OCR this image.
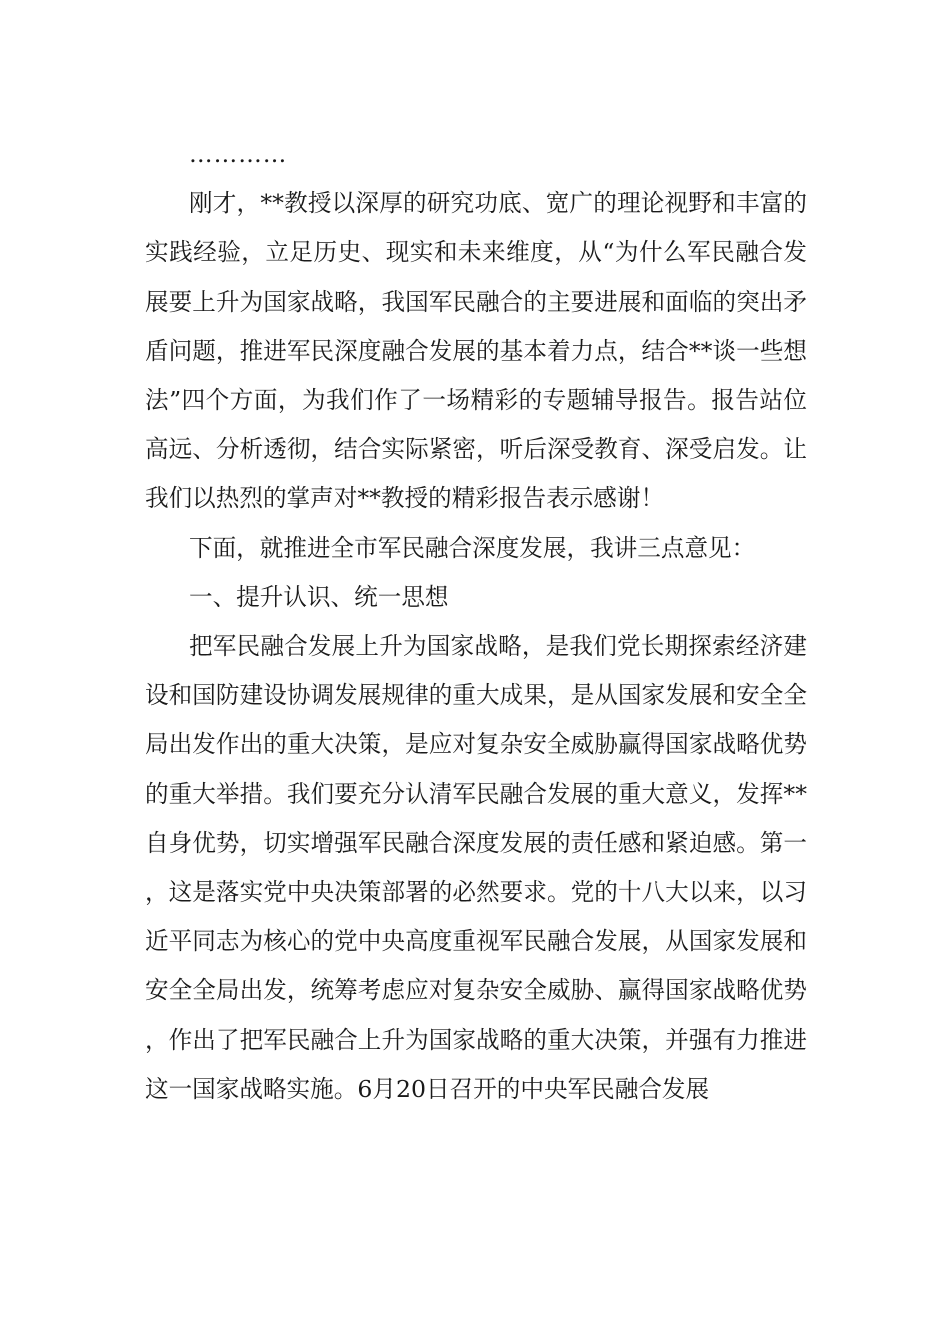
…………

刚才，**教授以深厚的研究功底、宽广的理论视野和丰富的实践经验，立足历史、现实和未来维度，从“为什么军民融合发展要上升为国家战略，我国军民融合的主要进展和面临的突出矛盾问题，推进军民深度融合发展的基本着力点，结合**谈一些想法”四个方面，为我们作了一场精彩的专题辅导报告。报告站位高远、分析透彻，结合实际紧密，听后深受教育、深受启发。让我们以热烈的掌声对**教授的精彩报告表示感谢！

下面，就推进全市军民融合深度发展，我讲三点意见：

一、提升认识、统一思想

把军民融合发展上升为国家战略，是我们党长期探索经济建设和国防建设协调发展规律的重大成果，是从国家发展和安全全局出发作出的重大决策，是应对复杂安全威胁赢得国家战略优势的重大举措。我们要充分认清军民融合发展的重大意义，发挥**自身优势，切实增强军民融合深度发展的责任感和紧迫感。第一，这是落实党中央决策部署的必然要求。党的十八大以来，以习近平同志为核心的党中央高度重视军民融合发展，从国家发展和安全全局出发，统筹考虑应对复杂安全威胁、赢得国家战略优势，作出了把军民融合上升为国家战略的重大决策，并强有力推进这一国家战略实施。6月20日召开的中央军民融合发展
